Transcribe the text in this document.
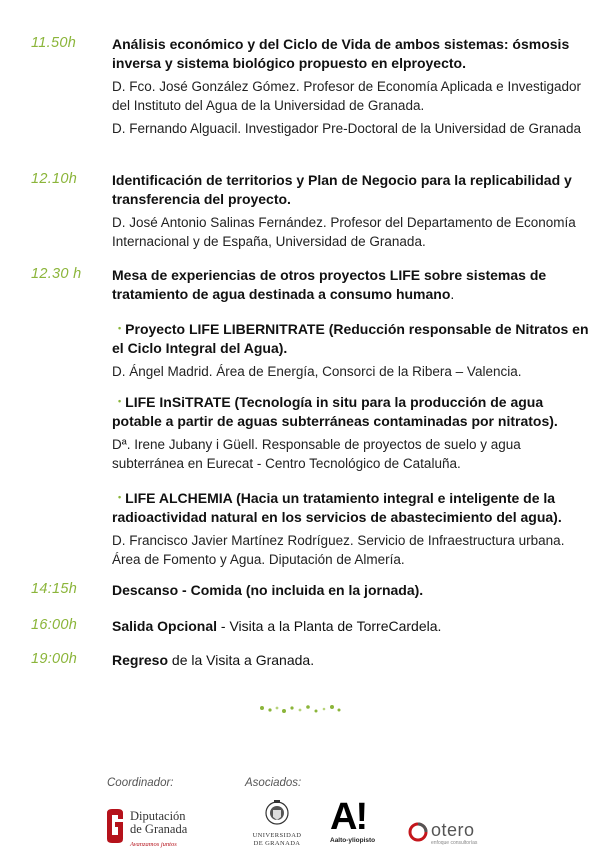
11.50h	Análisis económico y del Ciclo de Vida de ambos sistemas: ósmosis inversa y sistema biológico propuesto en elproyecto.
D. Fco. José González Gómez. Profesor de Economía Aplicada e Investigador del Instituto del Agua de la Universidad de Granada.
D. Fernando Alguacil. Investigador Pre-Doctoral de la Universidad de Granada
12.10h Identificación de territorios y Plan de Negocio para la replicabilidad y transferencia del proyecto.
D. José Antonio Salinas Fernández. Profesor del Departamento de Economía Internacional y de España, Universidad de Granada.
12.30 h Mesa de experiencias de otros proyectos LIFE sobre sistemas de tratamiento de agua destinada a consumo humano.
• Proyecto LIFE LIBERNITRATE (Reducción responsable de Nitratos en el Ciclo Integral del Agua).
D. Ángel Madrid. Área de Energía, Consorci de la Ribera – Valencia.
• LIFE InSiTRATE (Tecnología in situ para la producción de agua potable a partir de aguas subterráneas contaminadas por nitratos).
Dª. Irene Jubany i Güell. Responsable de proyectos de suelo y agua subterránea en Eurecat - Centro Tecnológico de Cataluña.
• LIFE ALCHEMIA (Hacia un tratamiento integral e inteligente de la radioactividad natural en los servicios de abastecimiento del agua).
D. Francisco Javier Martínez Rodríguez. Servicio de Infraestructura urbana. Área de Fomento y Agua. Diputación de Almería.
14:15h Descanso - Comida (no incluida en la jornada).
16:00h Salida Opcional - Visita a la Planta de TorreCardela.
19:00h Regreso de la Visita a Granada.
Coordinador:	Asociados:
Diputación
de Granada
Avanzamos juntos
UNIVERSIDAD
DE GRANADA
A!
Aalto-yliopisto
otero
enfoque consultorías
